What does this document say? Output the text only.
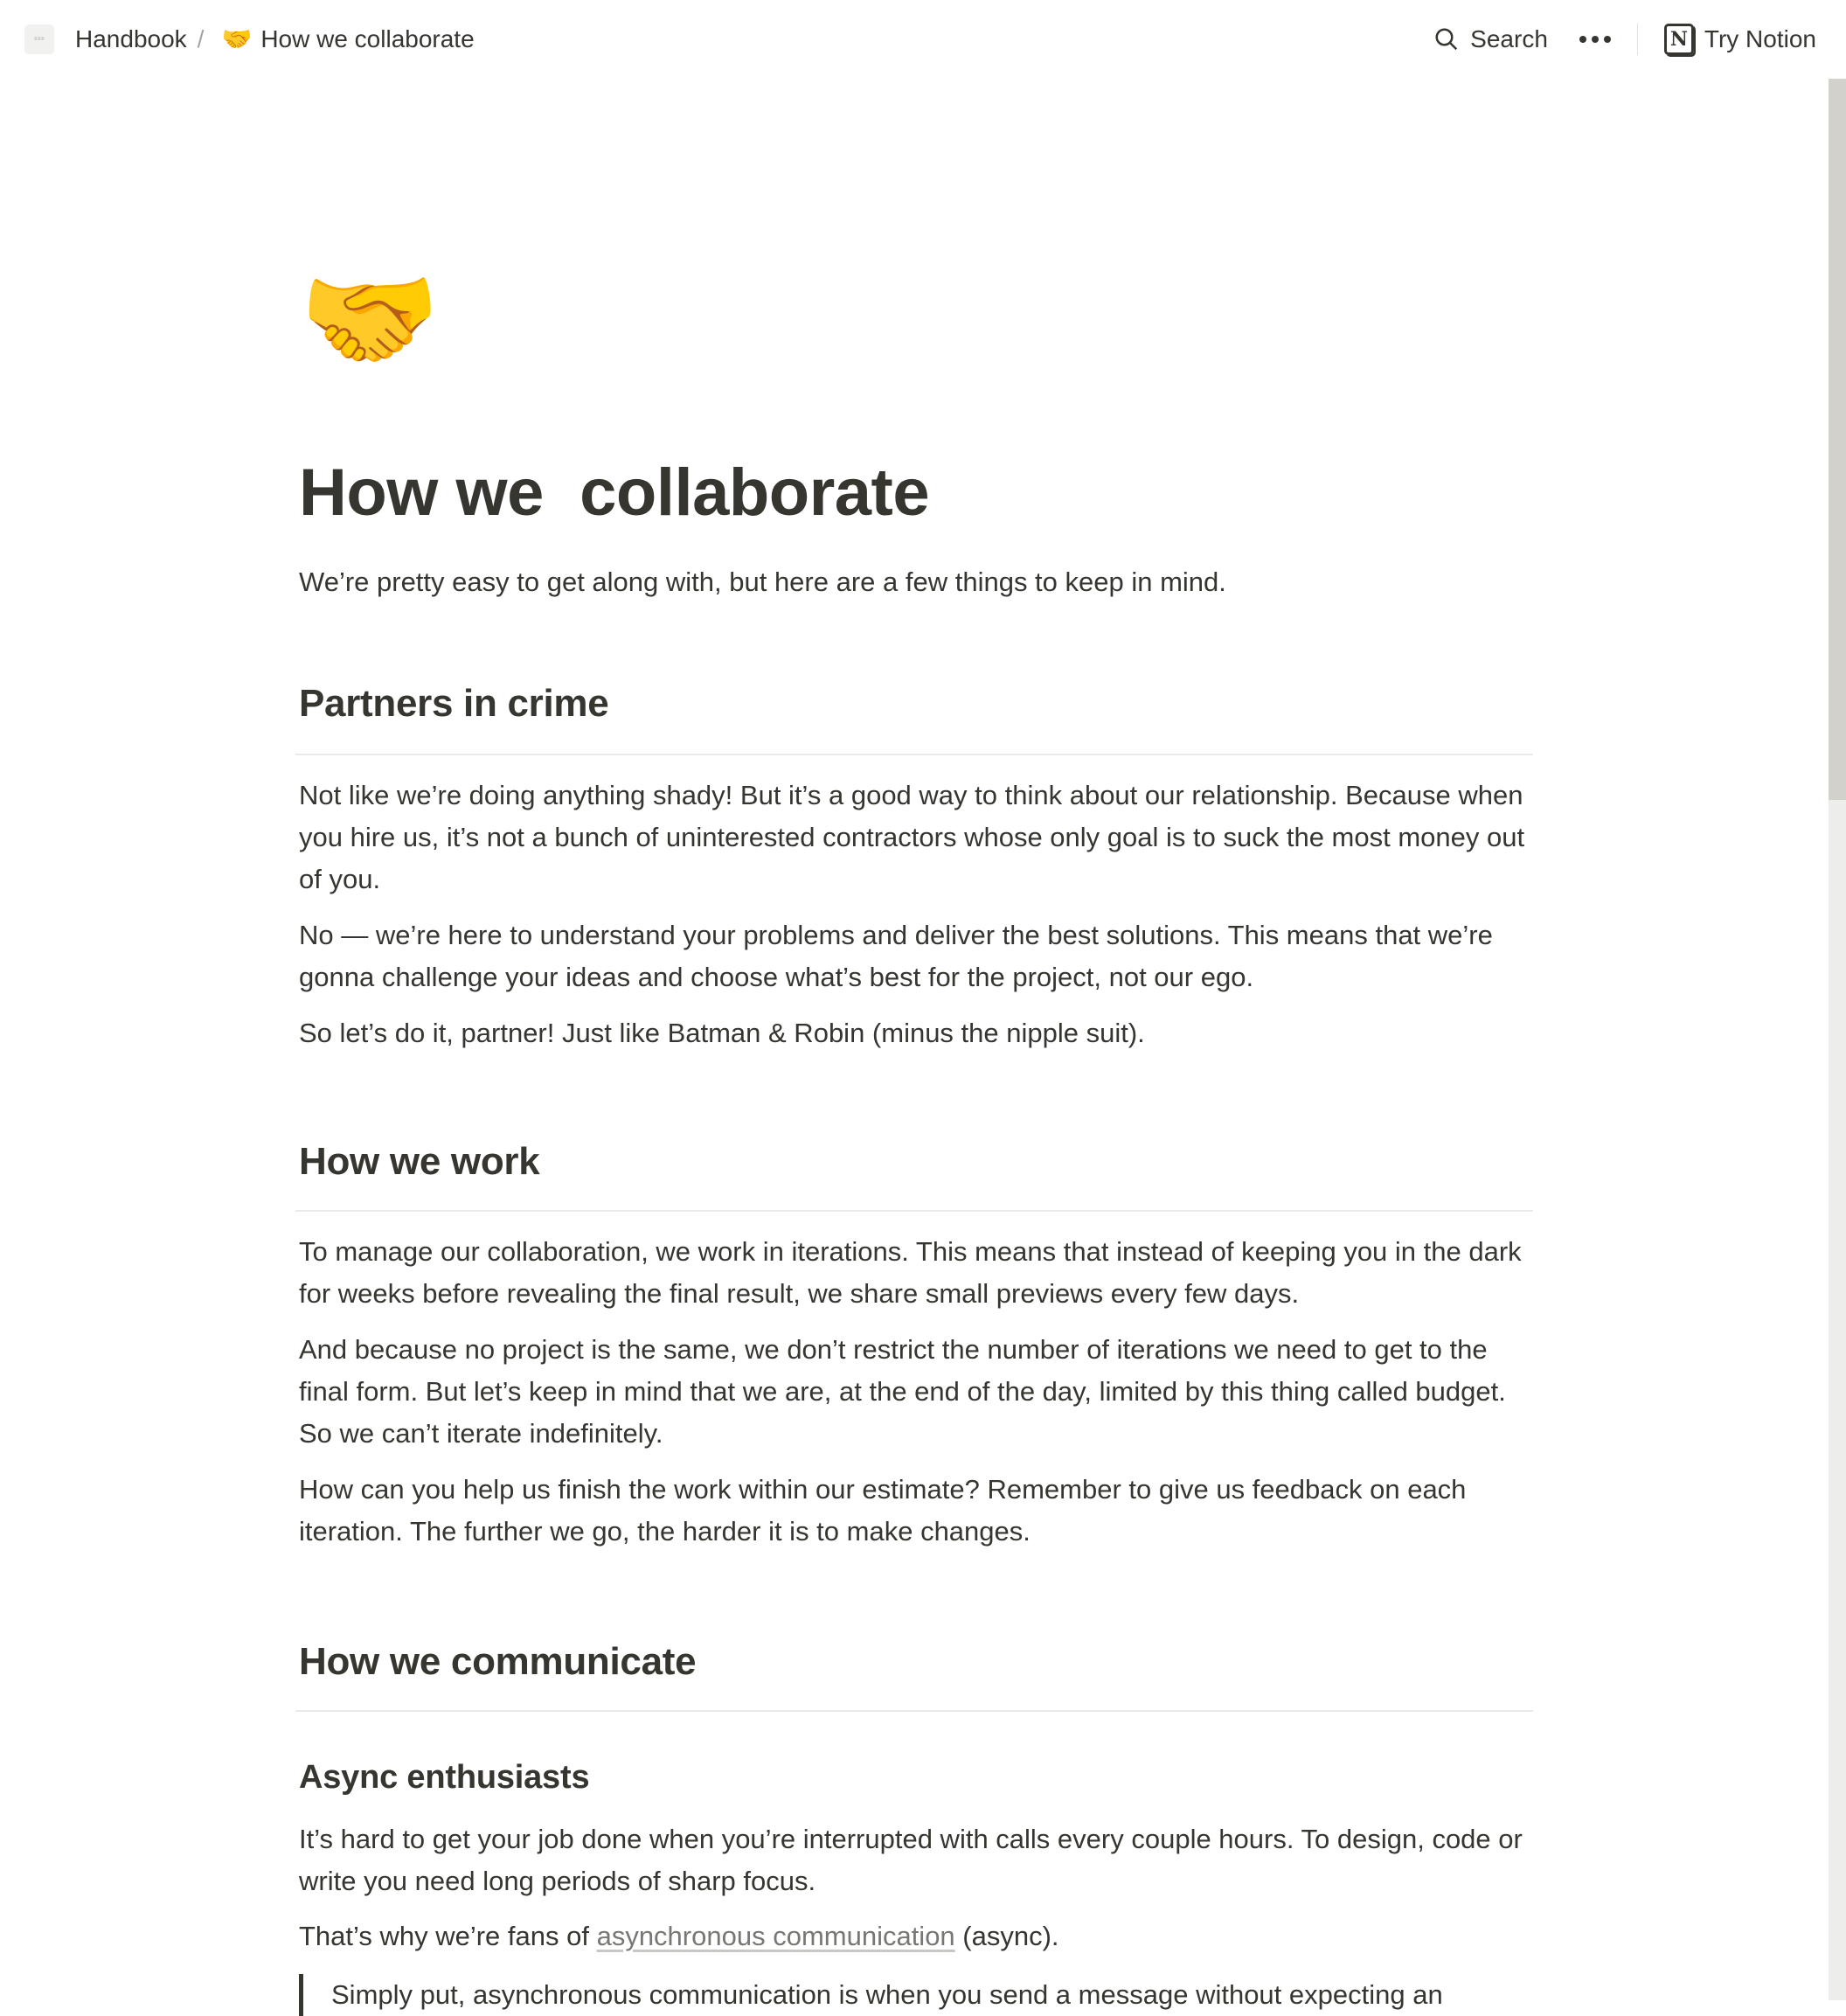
≡≡≡ Handbook / 🤝 How we collaborate	Search	N Try Notion
🤝
How we  collaborate
We’re pretty easy to get along with, but here are a few things to keep in mind.
Partners in crime

Not like we’re doing anything shady! But it’s a good way to think about our relationship. Because when you hire us, it’s not a bunch of uninterested contractors whose only goal is to suck the most money out of you.

No — we’re here to understand your problems and deliver the best solutions. This means that we’re gonna challenge your ideas and choose what’s best for the project, not our ego.

So let’s do it, partner! Just like Batman & Robin (minus the nipple suit).

How we work

To manage our collaboration, we work in iterations. This means that instead of keeping you in the dark for weeks before revealing the final result, we share small previews every few days.

And because no project is the same, we don’t restrict the number of iterations we need to get to the final form. But let’s keep in mind that we are, at the end of the day, limited by this thing called budget. So we can’t iterate indefinitely.

How can you help us finish the work within our estimate? Remember to give us feedback on each iteration. The further we go, the harder it is to make changes.

How we communicate
Async enthusiasts

It’s hard to get your job done when you’re interrupted with calls every couple hours. To design, code or write you need long periods of sharp focus.

That’s why we’re fans of asynchronous communication (async).

Simply put, asynchronous communication is when you send a message without expecting an
